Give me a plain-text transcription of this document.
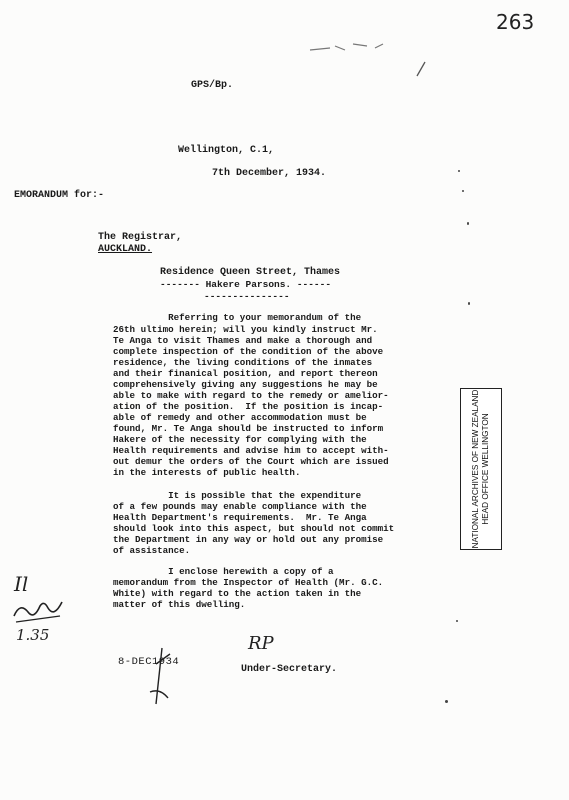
263
GPS/Bp.
Wellington, C.1,
7th December, 1934.
EMORANDUM for:-
The Registrar,
AUCKLAND.
Residence Queen Street, Thames
------- Hakere Parsons. ------
---------------
Referring to your memorandum of the
26th ultimo herein; will you kindly instruct Mr.
Te Anga to visit Thames and make a thorough and
complete inspection of the condition of the above
residence, the living conditions of the inmates
and their finanical position, and report thereon
comprehensively giving any suggestions he may be
able to make with regard to the remedy or amelior-
ation of the position.  If the position is incap-
able of remedy and other accommodation must be
found, Mr. Te Anga should be instructed to inform
Hakere of the necessity for complying with the
Health requirements and advise him to accept with-
out demur the orders of the Court which are issued
in the interests of public health.
It is possible that the expenditure
of a few pounds may enable compliance with the
Health Department's requirements.  Mr. Te Anga
should look into this aspect, but should not commit
the Department in any way or hold out any promise
of assistance.
I enclose herewith a copy of a
memorandum from the Inspector of Health (Mr. G.C.
White) with regard to the action taken in the
matter of this dwelling.
NATIONAL ARCHIVES OF NEW ZEALAND HEAD OFFICE WELLINGTON
Il
1.35
8-DEC1934
RP
Under-Secretary.
